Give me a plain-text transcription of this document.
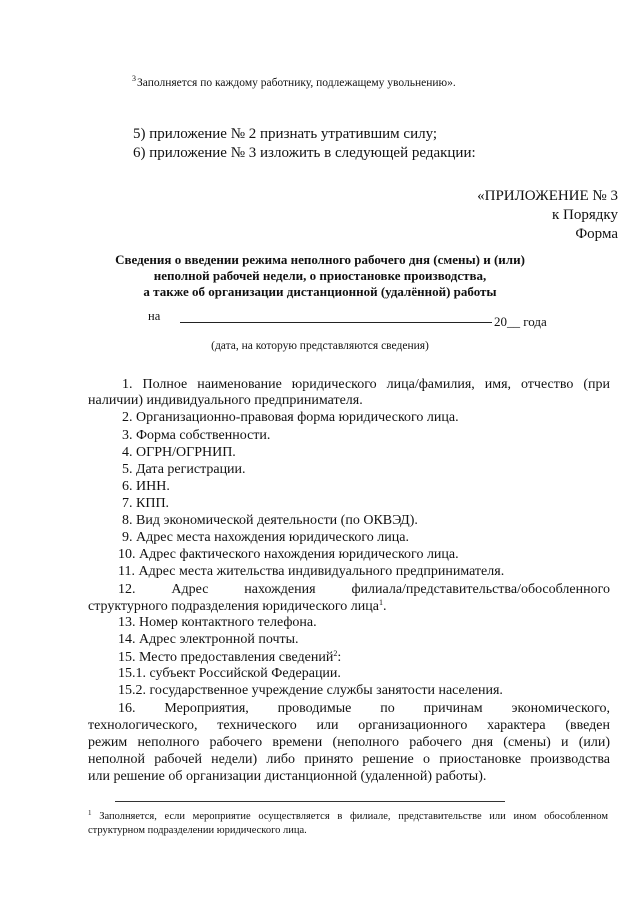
$^3$Заполняется по каждому работнику, подлежащему увольнению».
5) приложение № 2 признать утратившим силу;
6) приложение № 3 изложить в следующей редакции:
«ПРИЛОЖЕНИЕ № 3
к Порядку
Форма
Сведения о введении режима неполного рабочего дня (смены) и (или)
неполной рабочей недели, о приостановке производства,
а также об организации дистанционной (удалённой) работы
на	20__ года
(дата, на которую представляются сведения)
1. Полное наименование юридического лица/фамилия, имя, отчество (при
наличии) индивидуального предпринимателя.
2. Организационно-правовая форма юридического лица.
3. Форма собственности.
4. ОГРН/ОГРНИП.
5. Дата регистрации.
6. ИНН.
7. КПП.
8. Вид экономической деятельности (по ОКВЭД).
9. Адрес места нахождения юридического лица.
10. Адрес фактического нахождения юридического лица.
11. Адрес места жительства индивидуального предпринимателя.
12. Адрес нахождения филиала/представительства/обособленного
структурного подразделения юридического лица$^1$.
13. Номер контактного телефона.
14. Адрес электронной почты.
15. Место предоставления сведений$^2$:
15.1. субъект Российской Федерации.
15.2. государственное учреждение службы занятости населения.
16. Мероприятия, проводимые по причинам экономического,
технологического, технического или организационного характера (введен
режим неполного рабочего времени (неполного рабочего дня (смены) и (или)
неполной рабочей недели) либо принято решение о приостановке производства
или решение об организации дистанционной (удаленной) работы).
$^1$ Заполняется, если мероприятие осуществляется в филиале, представительстве или ином обособленном структурном подразделении юридического лица.
